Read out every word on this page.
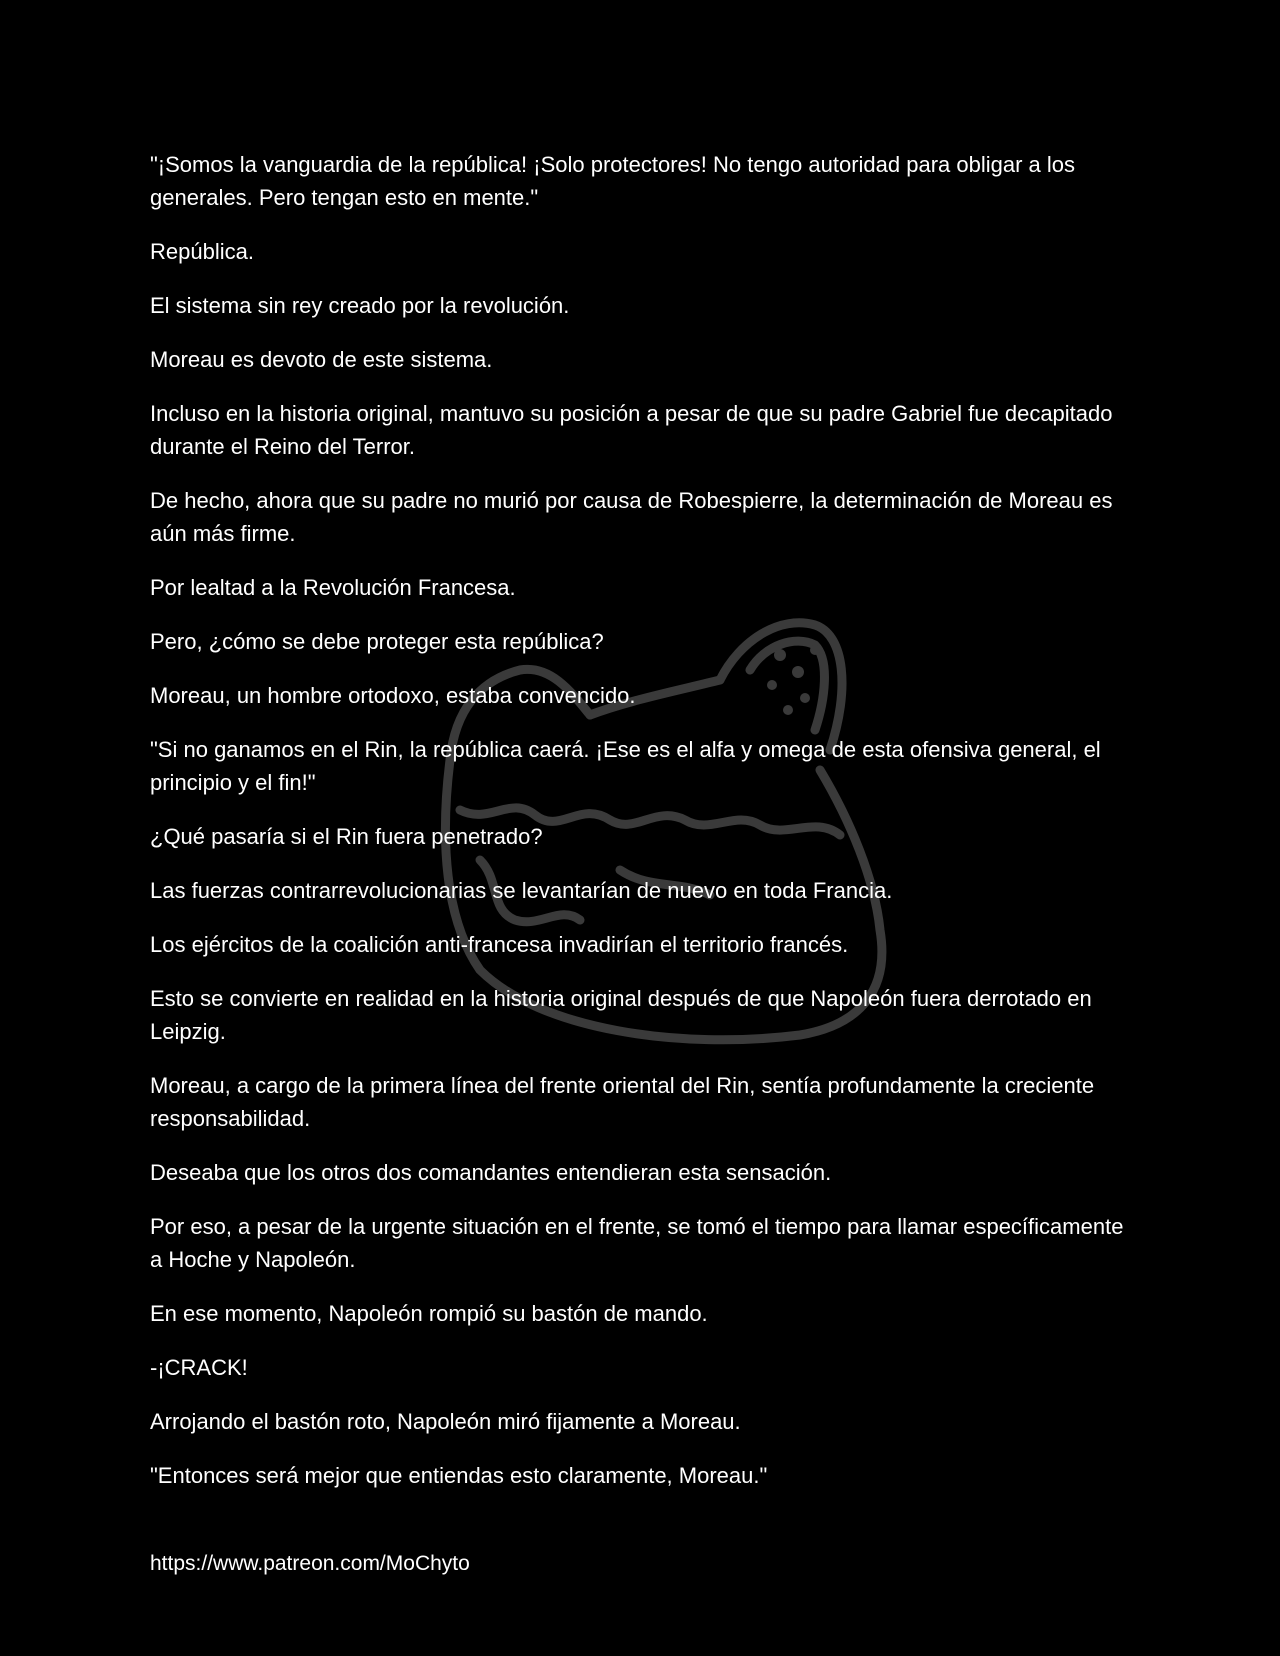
"¡Somos la vanguardia de la república! ¡Solo protectores! No tengo autoridad para obligar a los generales. Pero tengan esto en mente."

República.

El sistema sin rey creado por la revolución.

Moreau es devoto de este sistema.

Incluso en la historia original, mantuvo su posición a pesar de que su padre Gabriel fue decapitado durante el Reino del Terror.

De hecho, ahora que su padre no murió por causa de Robespierre, la determinación de Moreau es aún más firme.

Por lealtad a la Revolución Francesa.

Pero, ¿cómo se debe proteger esta república?

Moreau, un hombre ortodoxo, estaba convencido.

"Si no ganamos en el Rin, la república caerá. ¡Ese es el alfa y omega de esta ofensiva general, el principio y el fin!"

¿Qué pasaría si el Rin fuera penetrado?

Las fuerzas contrarrevolucionarias se levantarían de nuevo en toda Francia.

Los ejércitos de la coalición anti-francesa invadirían el territorio francés.

Esto se convierte en realidad en la historia original después de que Napoleón fuera derrotado en Leipzig.

Moreau, a cargo de la primera línea del frente oriental del Rin, sentía profundamente la creciente responsabilidad.

Deseaba que los otros dos comandantes entendieran esta sensación.

Por eso, a pesar de la urgente situación en el frente, se tomó el tiempo para llamar específicamente a Hoche y Napoleón.

En ese momento, Napoleón rompió su bastón de mando.

-¡CRACK!

Arrojando el bastón roto, Napoleón miró fijamente a Moreau.

"Entonces será mejor que entiendas esto claramente, Moreau."

https://www.patreon.com/MoChyto
